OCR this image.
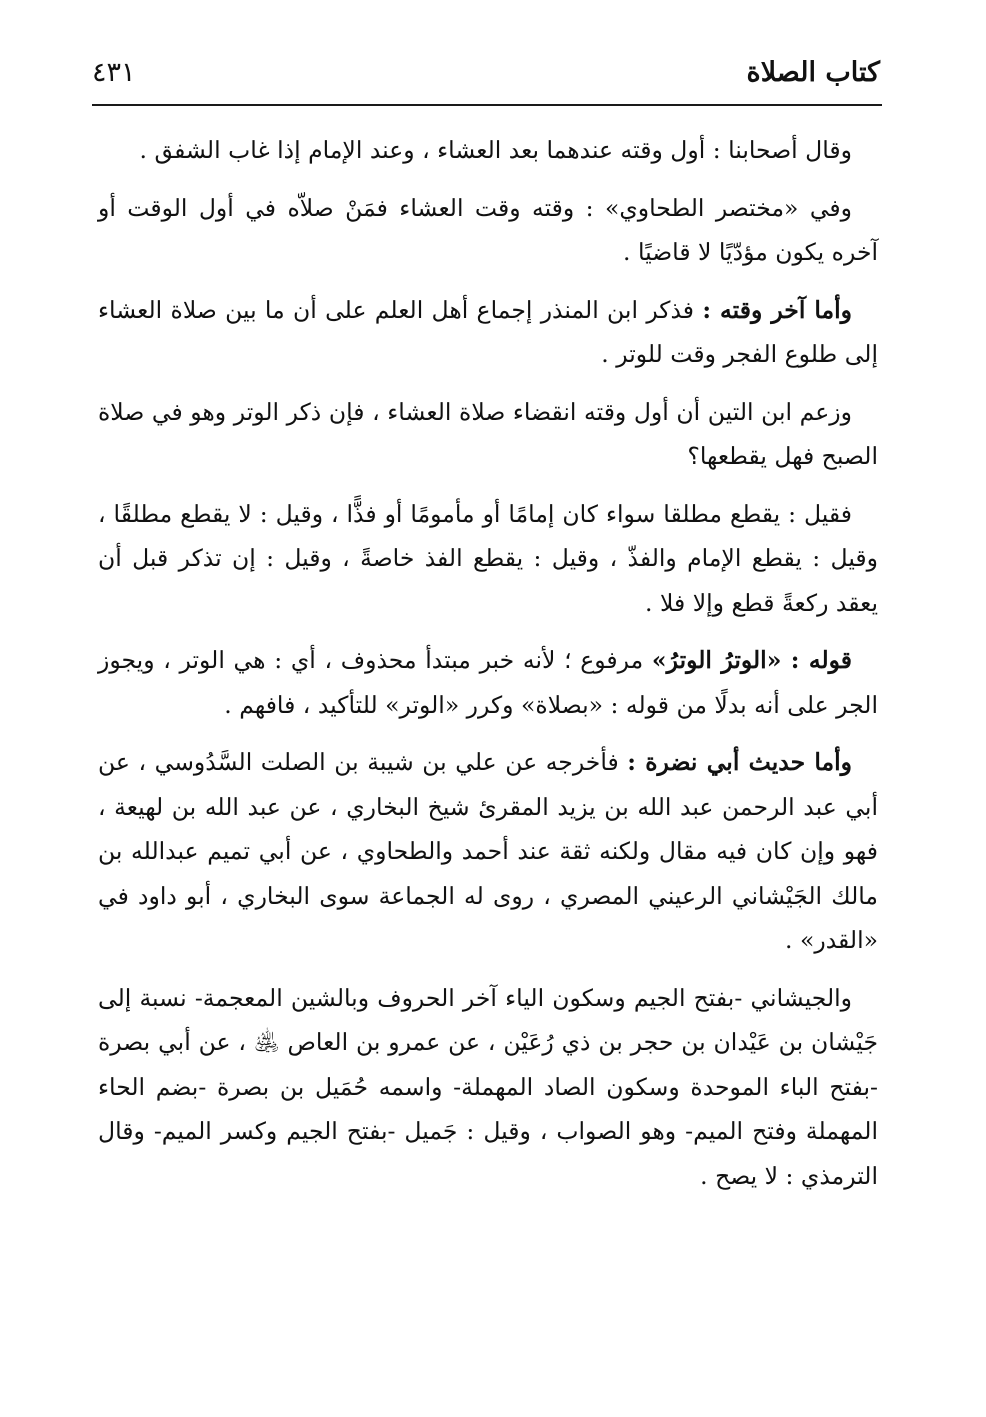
كتاب الصلاة
٤٣١

وقال أصحابنا : أول وقته عندهما بعد العشاء ، وعند الإمام إذا غاب الشفق .

وفي «مختصر الطحاوي» : وقته وقت العشاء فمَنْ صلاّه في أول الوقت أو آخره يكون مؤدّيًا لا قاضيًا .

وأما آخر وقته : فذكر ابن المنذر إجماع أهل العلم على أن ما بين صلاة العشاء إلى طلوع الفجر وقت للوتر .

وزعم ابن التين أن أول وقته انقضاء صلاة العشاء ، فإن ذكر الوتر وهو في صلاة الصبح فهل يقطعها؟

فقيل : يقطع مطلقا سواء كان إمامًا أو مأمومًا أو فذًّا ، وقيل : لا يقطع مطلقًا ، وقيل : يقطع الإمام والفذّ ، وقيل : يقطع الفذ خاصةً ، وقيل : إن تذكر قبل أن يعقد ركعةً قطع وإلا فلا .

قوله : «الوترُ الوترُ» مرفوع ؛ لأنه خبر مبتدأ محذوف ، أي : هي الوتر ، ويجوز الجر على أنه بدلًا من قوله : «بصلاة» وكرر «الوتر» للتأكيد ، فافهم .

وأما حديث أبي نضرة : فأخرجه عن علي بن شيبة بن الصلت السَّدُوسي ، عن أبي عبد الرحمن عبد الله بن يزيد المقرئ شيخ البخاري ، عن عبد الله بن لهيعة ، فهو وإن كان فيه مقال ولكنه ثقة عند أحمد والطحاوي ، عن أبي تميم عبدالله بن مالك الجَيْشاني الرعيني المصري ، روى له الجماعة سوى البخاري ، أبو داود في «القدر» .

والجيشاني -بفتح الجيم وسكون الياء آخر الحروف وبالشين المعجمة- نسبة إلى جَيْشان بن عَيْدان بن حجر بن ذي رُعَيْن ، عن عمرو بن العاص ﵁ ، عن أبي بصرة -بفتح الباء الموحدة وسكون الصاد المهملة- واسمه حُمَيل بن بصرة -بضم الحاء المهملة وفتح الميم- وهو الصواب ، وقيل : جَميل -بفتح الجيم وكسر الميم- وقال الترمذي : لا يصح .
